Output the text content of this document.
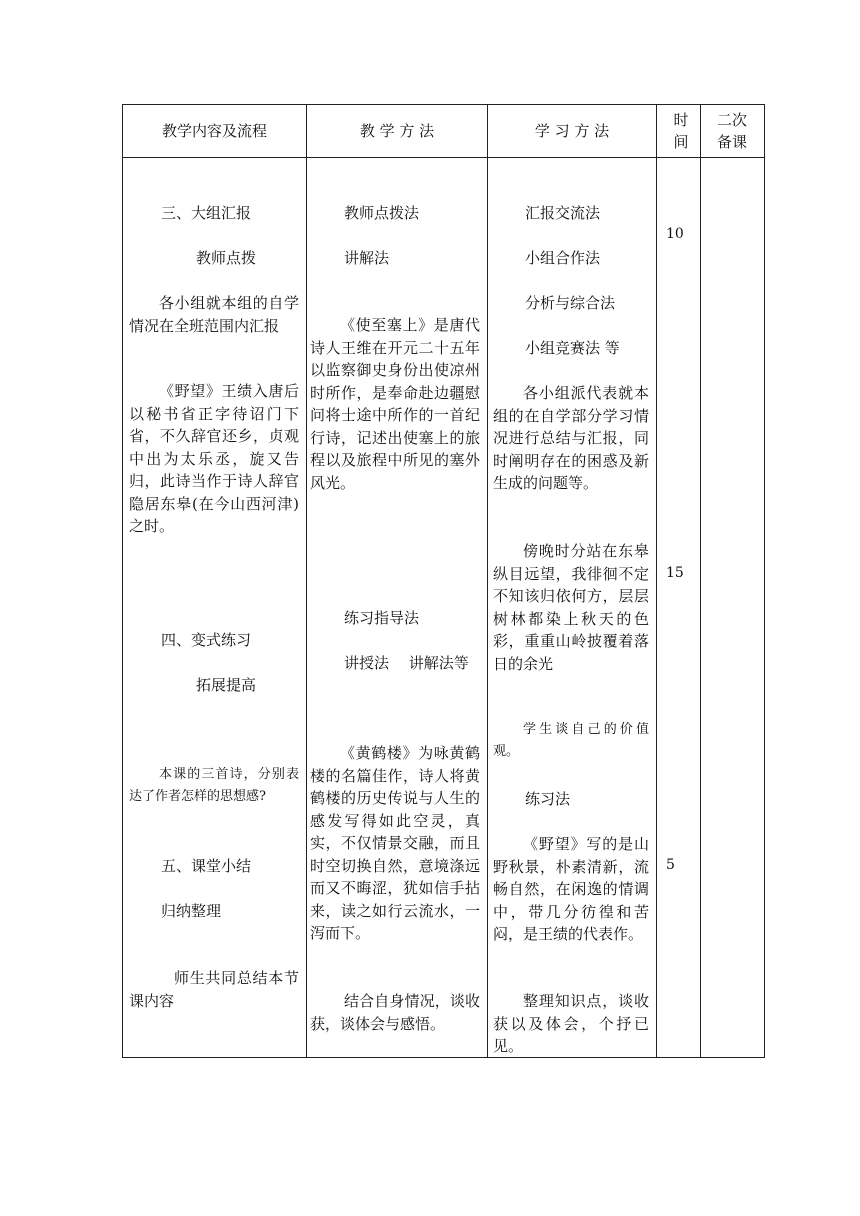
教学内容及流程	教 学 方 法	学 习 方 法
时间
二次备课

三、大组汇报

教师点拨

各小组就本组的自学情况在全班范围内汇报

《野望》王绩入唐后以秘书省正字待诏门下省，不久辞官还乡，贞观中出为太乐丞，旋又告归，此诗当作于诗人辞官隐居东皋(在今山西河津)之时。

四、变式练习

拓展提高

本课的三首诗，分别表达了作者怎样的思想感?

五、课堂小结

归纳整理

师生共同总结本节课内容

教师点拨法

讲解法

《使至塞上》是唐代诗人王维在开元二十五年以监察御史身份出使凉州时所作，是奉命赴边疆慰问将士途中所作的一首纪行诗，记述出使塞上的旅程以及旅程中所见的塞外风光。

练习指导法

讲授法　 讲解法等

《黄鹤楼》为咏黄鹤楼的名篇佳作，诗人将黄鹤楼的历史传说与人生的感发写得如此空灵，真实，不仅情景交融，而且时空切换自然，意境涤远而又不晦涩，犹如信手拈来，读之如行云流水，一泻而下。

结合自身情况，谈收获，谈体会与感悟。

汇报交流法

小组合作法

分析与综合法

小组竞赛法 等

各小组派代表就本组的在自学部分学习情况进行总结与汇报，同时阐明存在的困惑及新生成的问题等。

傍晚时分站在东皋纵目远望，我徘徊不定不知该归依何方，层层树林都染上秋天的色彩，重重山岭披覆着落日的余光

学生谈自己的价值观。

练习法

《野望》写的是山野秋景，朴素清新，流畅自然，在闲逸的情调中，带几分彷徨和苦闷，是王绩的代表作。

整理知识点，谈收获以及体会，个抒已见。

10
15
5
